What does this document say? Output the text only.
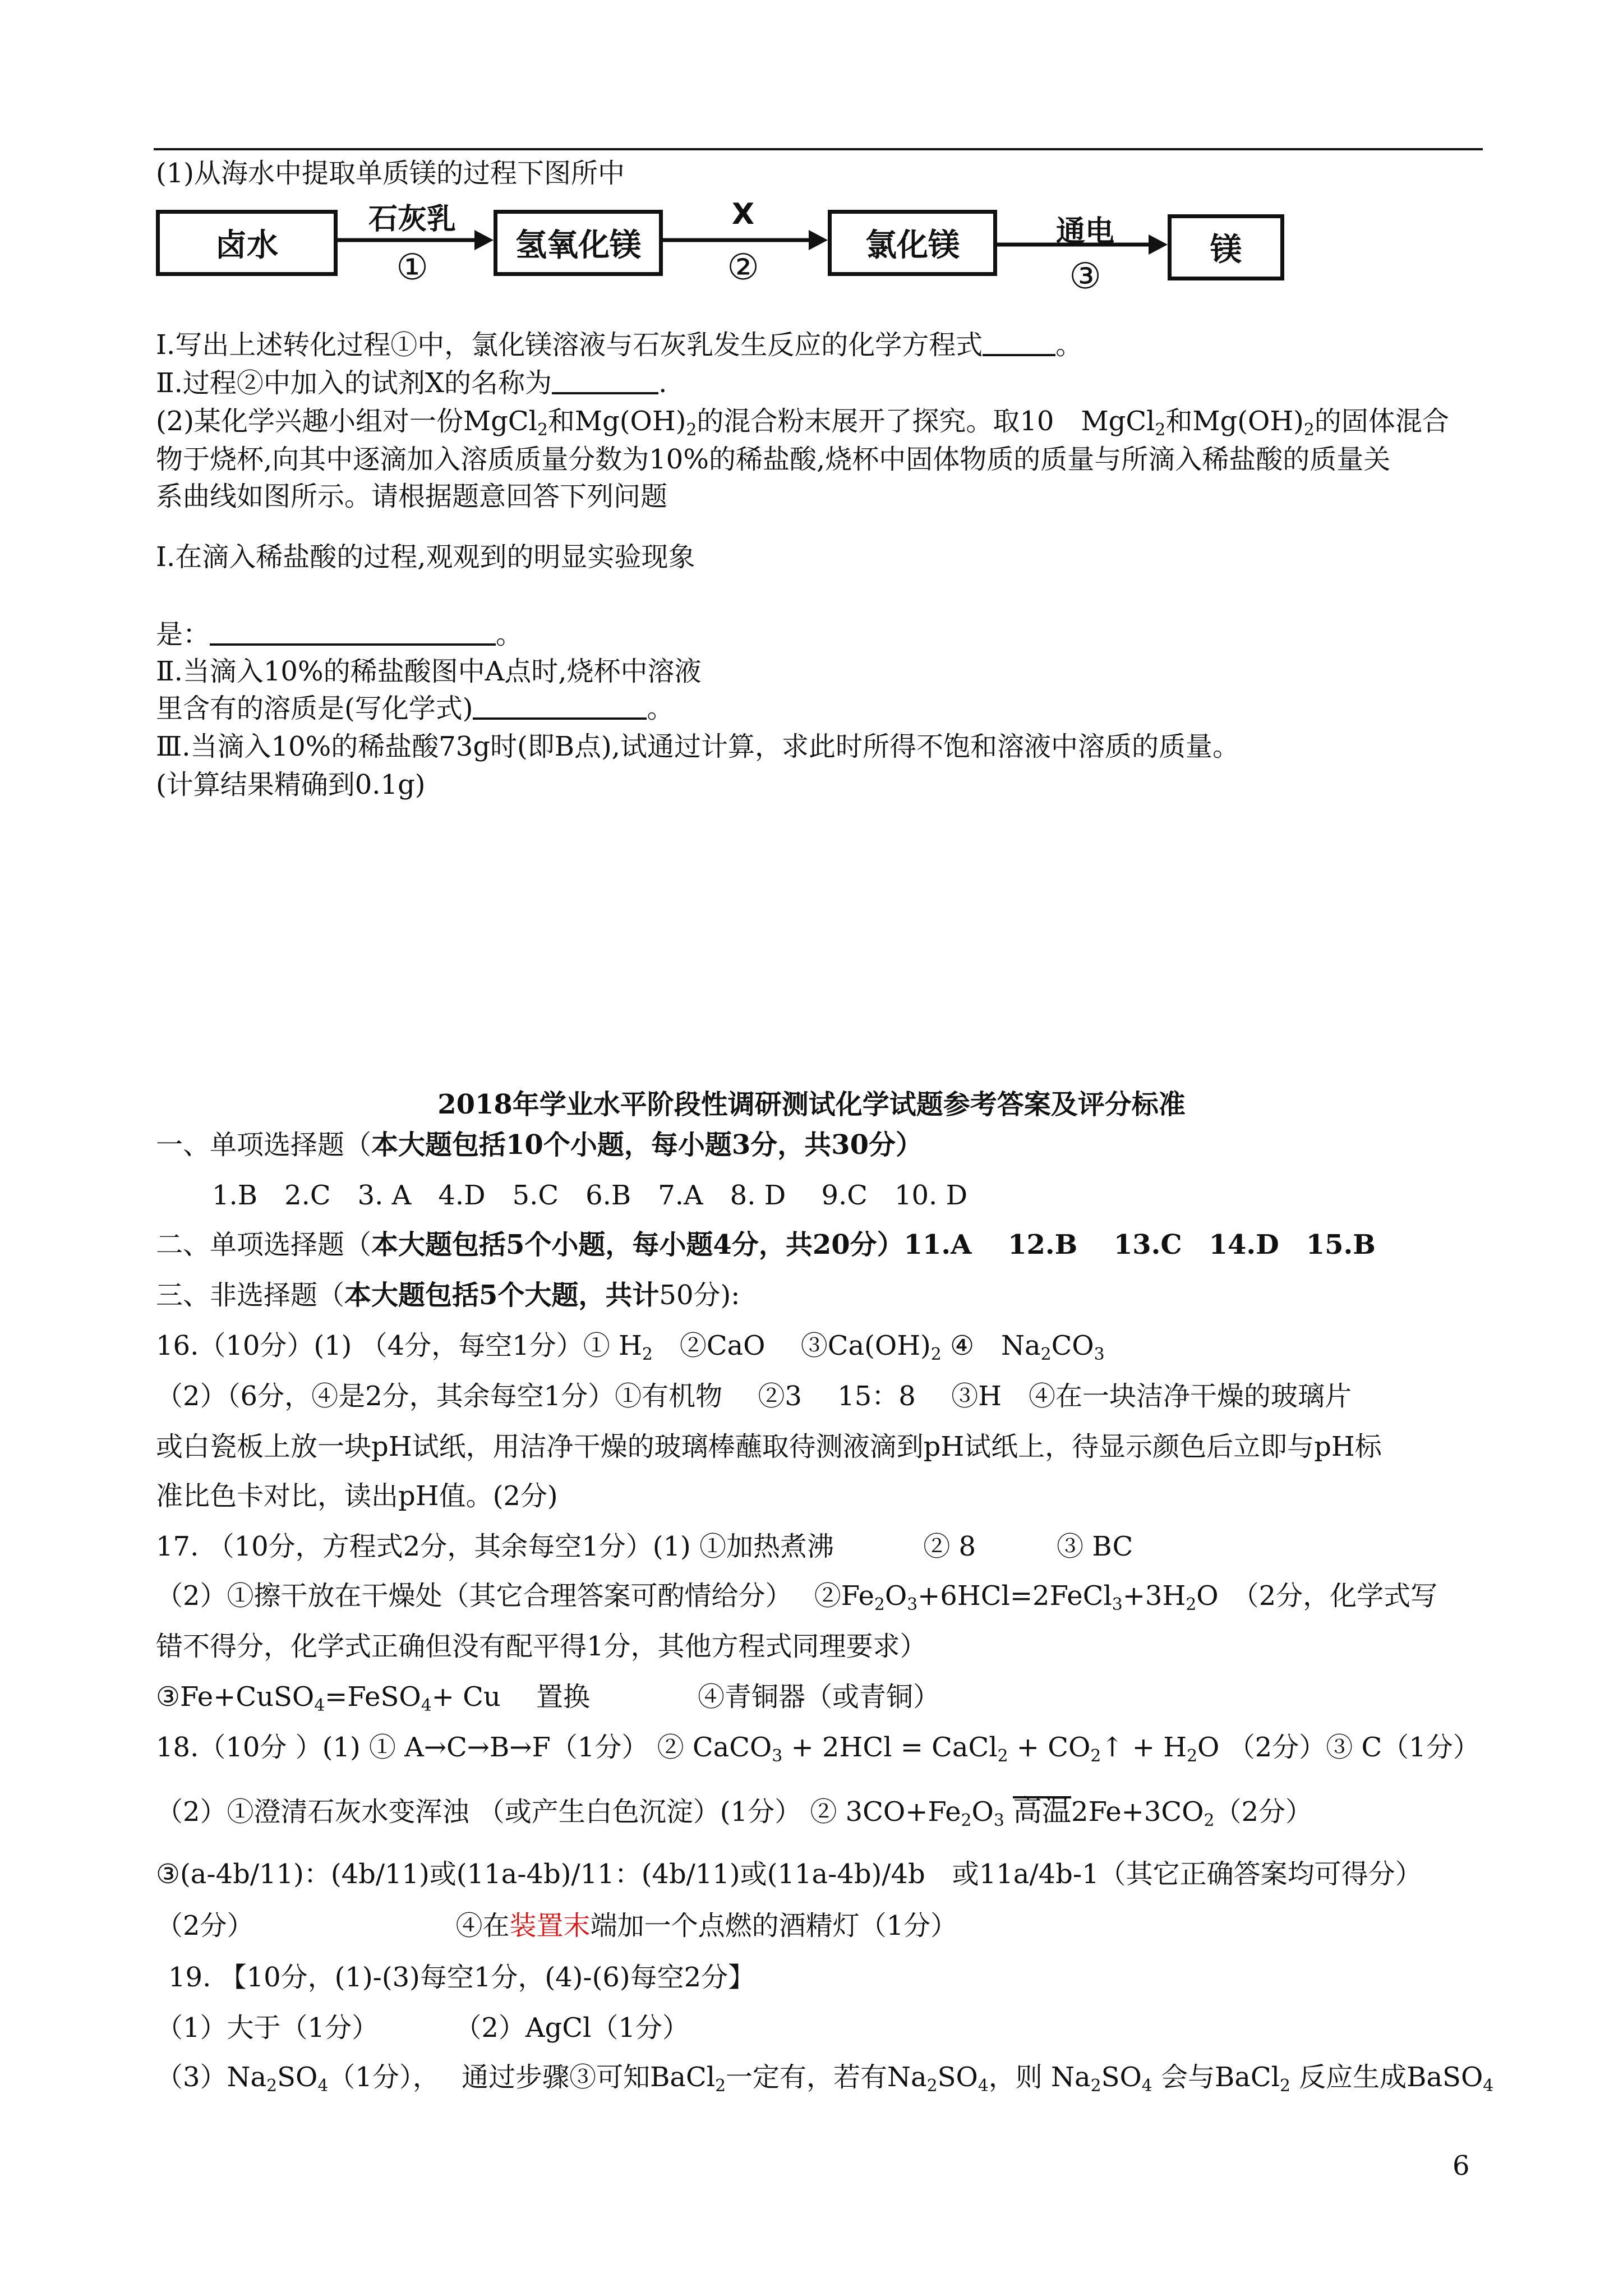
(1)从海水中提取单质镁的过程下图所中
卤水	氢氧化镁	氯化镁	镁
石灰乳
①
X
②
通电
③
Ⅰ.写出上述转化过程①中，氯化镁溶液与石灰乳发生反应的化学方程式	。
Ⅱ.过程②中加入的试剂X的名称为	.
(2)某化学兴趣小组对一份MgCl$_2$和$Mg(OH)_2$的混合粉末展开了探究。取10　MgCl$_2$和$Mg(OH)_2$的固体混合
物于烧杯,向其中逐滴加入溶质质量分数为10%的稀盐酸,烧杯中固体物质的质量与所滴入稀盐酸的质量关
系曲线如图所示。请根据题意回答下列问题
Ⅰ.在滴入稀盐酸的过程,观观到的明显实验现象
是：	。
Ⅱ.当滴入10%的稀盐酸图中A点时,烧杯中溶液
里含有的溶质是(写化学式)	。
Ⅲ.当滴入10%的稀盐酸73g时(即B点),试通过计算，求此时所得不饱和溶液中溶质的质量。
(计算结果精确到0.1g)
2018年学业水平阶段性调研测试化学试题参考答案及评分标准
一、单项选择题（本大题包括10个小题，每小题3分，共30分）
1.B　2.C　3. A　4.D　5.C　6.B　7.A　8. D　 9.C　10. D
二、单项选择题（本大题包括5个小题，每小题4分，共20分）11.A　 12.B　 13.C　14.D　15.B
三、非选择题（本大题包括5个大题，共计50分):
16.（10分）(1) （4分，每空1分）① $H_2$　②CaO　 $③Ca(OH)_2$ ④　$Na_2CO_3$
（2）（6分，④是2分，其余每空1分）①有机物　 ②3　 15：8　 ③H　④在一块洁净干燥的玻璃片
或白瓷板上放一块pH试纸，用洁净干燥的玻璃棒蘸取待测液滴到pH试纸上，待显示颜色后立即与pH标
准比色卡对比，读出pH值。(2分)
17. （10分，方程式2分，其余每空1分）(1) ①加热煮沸　　　 ② 8　　　③ BC
（2）①擦干放在干燥处（其它合理答案可酌情给分）　 $②Fe_2O_3+6HCl=2FeCl_3+3H_2O$　（2分，化学式写
错不得分，化学式正确但没有配平得1分，其他方程式同理要求）
③Fe+CuSO$_4$=FeSO$_4$+ Cu　 置换　　　　④青铜器（或青铜）
18.（10分 ）(1) ① A→C→B→F（1分） ② CaCO$_3$ + 2HCl = CaCl$_2$ + $CO_2↑ + H_2O$ （2分）③ C（1分）
（2）①澄清石灰水变浑浊 （或产生白色沉淀）(1分） ② $3CO+Fe_2O_3$ 高温$2Fe+3CO_2(2$分）
③(a-4b/11)：(4b/11)或(11a-4b)/11：(4b/11)或(11a-4b)/4b　或11a/4b-1（其它正确答案均可得分）
（2分）　　　　　　　　④在装置末端加一个点燃的酒精灯（1分）
19. 【10分，(1)-(3)每空1分，(4)-(6)每空2分】
（1）大于（1分）　　　 （2）AgCl（1分）
$(3)Na_2SO_4(1$分），　 通过步骤③可知BaCl$_2$一定有，若有$Na_2SO_4$，则 $Na_2SO_4$ 会与BaCl$_2$ 反应生成BaSO$_4$
6
